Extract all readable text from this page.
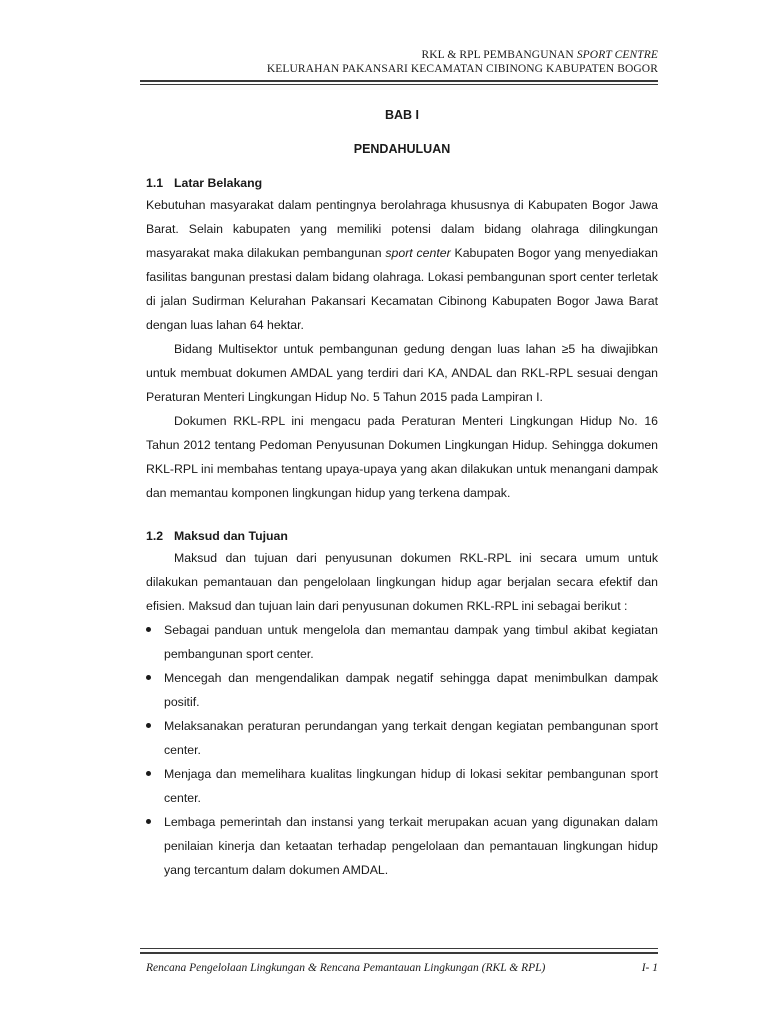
RKL & RPL PEMBANGUNAN SPORT CENTRE
KELURAHAN PAKANSARI KECAMATAN CIBINONG KABUPATEN BOGOR
BAB I
PENDAHULUAN
1.1 Latar Belakang

Kebutuhan masyarakat dalam pentingnya berolahraga khususnya di Kabupaten Bogor Jawa Barat. Selain kabupaten yang memiliki potensi dalam bidang olahraga dilingkungan masyarakat maka dilakukan pembangunan sport center Kabupaten Bogor yang menyediakan fasilitas bangunan prestasi dalam bidang olahraga. Lokasi pembangunan sport center terletak di jalan Sudirman Kelurahan Pakansari Kecamatan Cibinong Kabupaten Bogor Jawa Barat dengan luas lahan 64 hektar.

Bidang Multisektor untuk pembangunan gedung dengan luas lahan ≥5 ha diwajibkan untuk membuat dokumen AMDAL yang terdiri dari KA, ANDAL dan RKL-RPL sesuai dengan Peraturan Menteri Lingkungan Hidup No. 5 Tahun 2015 pada Lampiran I.

Dokumen RKL-RPL ini mengacu pada Peraturan Menteri Lingkungan Hidup No. 16 Tahun 2012 tentang Pedoman Penyusunan Dokumen Lingkungan Hidup. Sehingga dokumen RKL-RPL ini membahas tentang upaya-upaya yang akan dilakukan untuk menangani dampak dan memantau komponen lingkungan hidup yang terkena dampak.

1.2 Maksud dan Tujuan

Maksud dan tujuan dari penyusunan dokumen RKL-RPL ini secara umum untuk dilakukan pemantauan dan pengelolaan lingkungan hidup agar berjalan secara efektif dan efisien. Maksud dan tujuan lain dari penyusunan dokumen RKL-RPL ini sebagai berikut :

Sebagai panduan untuk mengelola dan memantau dampak yang timbul akibat kegiatan pembangunan sport center.
Mencegah dan mengendalikan dampak negatif sehingga dapat menimbulkan dampak positif.
Melaksanakan peraturan perundangan yang terkait dengan kegiatan pembangunan sport center.
Menjaga dan memelihara kualitas lingkungan hidup di lokasi sekitar pembangunan sport center.
Lembaga pemerintah dan instansi yang terkait merupakan acuan yang digunakan dalam penilaian kinerja dan ketaatan terhadap pengelolaan dan pemantauan lingkungan hidup yang tercantum dalam dokumen AMDAL.
Rencana Pengelolaan Lingkungan & Rencana Pemantauan Lingkungan (RKL & RPL)	I- 1
